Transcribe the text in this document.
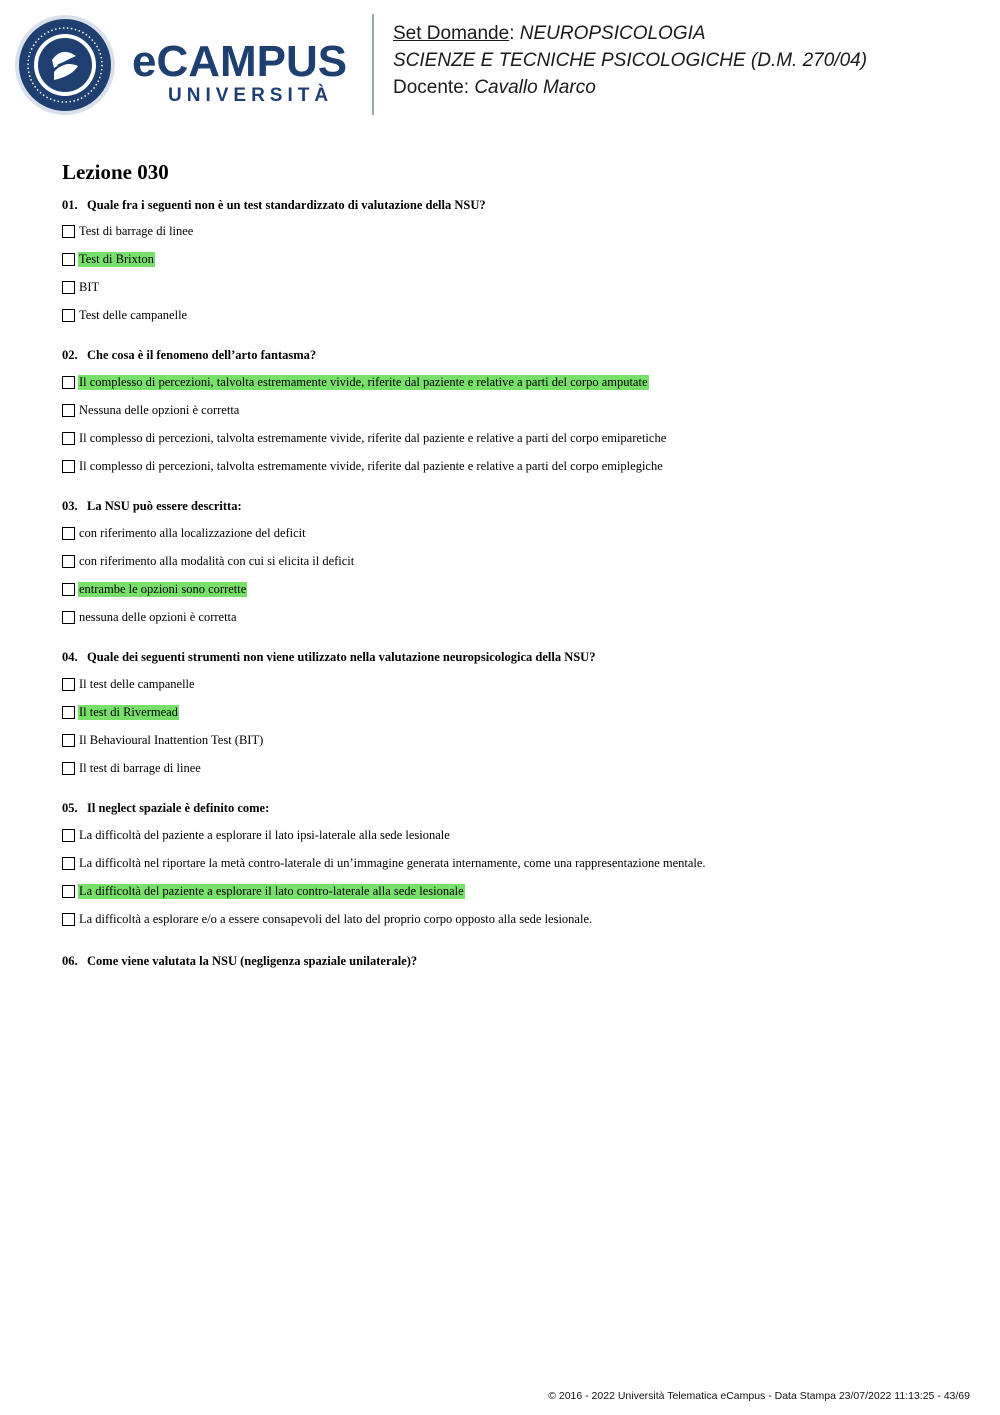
eCAMPUS
UNIVERSITÀ
Set Domande: NEUROPSICOLOGIA
SCIENZE E TECNICHE PSICOLOGICHE (D.M. 270/04)
Docente: Cavallo Marco
Lezione 030
01. Quale fra i seguenti non è un test standardizzato di valutazione della NSU?
Test di barrage di linee
Test di Brixton
BIT
Test delle campanelle
02. Che cosa è il fenomeno dell’arto fantasma?
Il complesso di percezioni, talvolta estremamente vivide, riferite dal paziente e relative a parti del corpo amputate
Nessuna delle opzioni è corretta
Il complesso di percezioni, talvolta estremamente vivide, riferite dal paziente e relative a parti del corpo emiparetiche
Il complesso di percezioni, talvolta estremamente vivide, riferite dal paziente e relative a parti del corpo emiplegiche
03. La NSU può essere descritta:
con riferimento alla localizzazione del deficit
con riferimento alla modalità con cui si elicita il deficit
entrambe le opzioni sono corrette
nessuna delle opzioni è corretta
04. Quale dei seguenti strumenti non viene utilizzato nella valutazione neuropsicologica della NSU?
Il test delle campanelle
Il test di Rivermead
Il Behavioural Inattention Test (BIT)
Il test di barrage di linee
05. Il neglect spaziale è definito come:
La difficoltà del paziente a esplorare il lato ipsi-laterale alla sede lesionale
La difficoltà nel riportare la metà contro-laterale di un’immagine generata internamente, come una rappresentazione mentale.
La difficoltà del paziente a esplorare il lato contro-laterale alla sede lesionale
La difficoltà a esplorare e/o a essere consapevoli del lato del proprio corpo opposto alla sede lesionale.
06. Come viene valutata la NSU (negligenza spaziale unilaterale)?
© 2016 - 2022 Università Telematica eCampus - Data Stampa 23/07/2022 11:13:25 - 43/69
